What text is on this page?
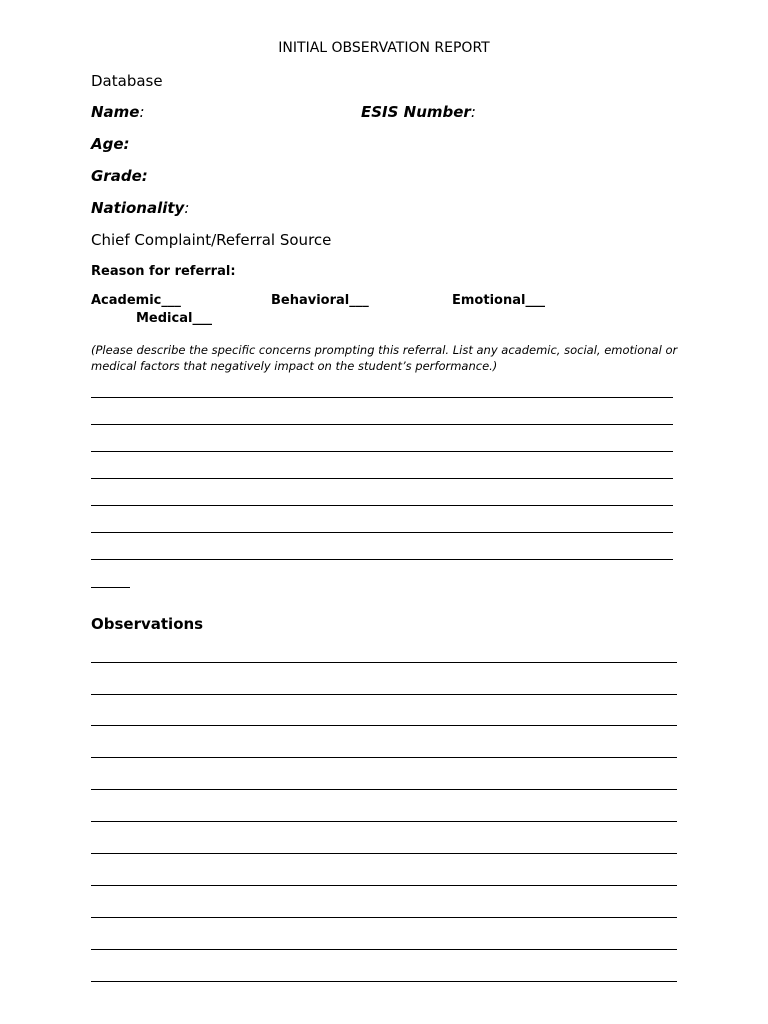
INITIAL OBSERVATION REPORT
Database
Name:	ESIS Number:
Age:
Grade:
Nationality:
Chief Complaint/Referral Source
Reason for referral:
Academic___	Behavioral___	Emotional___
Medical___
(Please describe the specific concerns prompting this referral. List any academic, social, emotional or
medical factors that negatively impact on the student’s performance.)
Observations
